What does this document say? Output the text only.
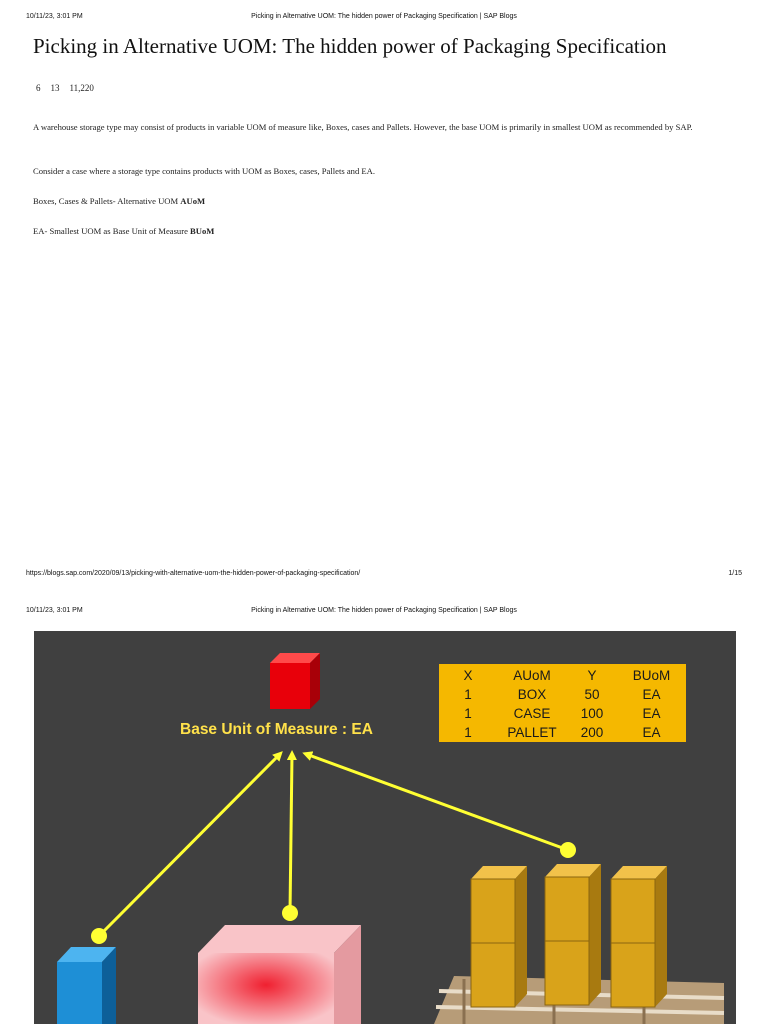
10/11/23, 3:01 PM	Picking in Alternative UOM: The hidden power of Packaging Specification | SAP Blogs
Picking in Alternative UOM: The hidden power of Packaging Specification
6 13 11,220

A warehouse storage type may consist of products in variable UOM of measure like, Boxes, cases and Pallets. However, the base UOM is primarily in smallest UOM as recommended by SAP.

Consider a case where a storage type contains products with UOM as Boxes, cases, Pallets and EA.

Boxes, Cases & Pallets- Alternative UOM AUoM

EA- Smallest UOM as Base Unit of Measure BUoM

https://blogs.sap.com/2020/09/13/picking-with-alternative-uom-the-hidden-power-of-packaging-specification/	1/15
10/11/23, 3:01 PM	Picking in Alternative UOM: The hidden power of Packaging Specification | SAP Blogs
Base Unit of Measure : EA
X	AUoM	Y	BUoM
1	BOX	50	EA
1	CASE	100	EA
1	PALLET	200	EA
